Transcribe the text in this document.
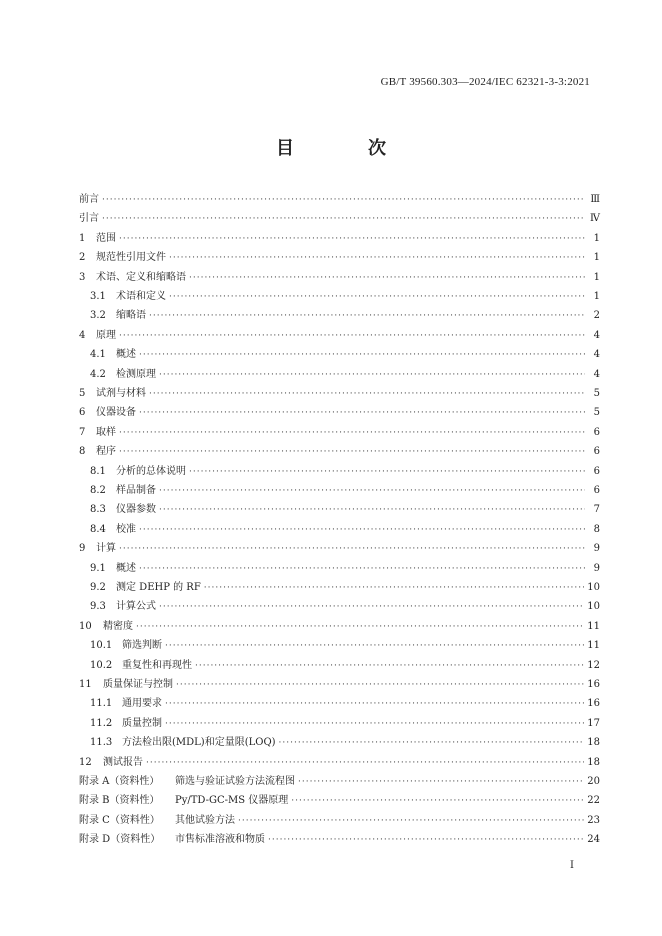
GB/T 39560.303—2024/IEC 62321-3-3:2021
目　次
前言 ·····	Ⅲ
引言 ·····	Ⅳ
1	范围 ·····	1
2	规范性引用文件 ·····	1
3	术语、定义和缩略语 ·····	1
3.1	术语和定义 ·····	1
3.2	缩略语 ·····	2
4	原理 ·····	4
4.1	概述 ·····	4
4.2	检测原理 ·····	4
5	试剂与材料 ·····	5
6	仪器设备 ·····	5
7	取样 ·····	6
8	程序 ·····	6
8.1	分析的总体说明 ·····	6
8.2	样品制备 ·····	6
8.3	仪器参数 ·····	7
8.4	校准 ·····	8
9	计算 ·····	9
9.1	概述 ·····	9
9.2	测定 DEHP 的 RF ·····	10
9.3	计算公式 ·····	10
10	精密度 ·····	11
10.1 筛选判断 ·····	11
10.2 重复性和再现性 ·····	12
11	质量保证与控制 ·····	16
11.1 通用要求 ·····	16
11.2 质量控制 ·····	17
11.3 方法检出限(MDL)和定量限(LOQ) ·····	18
12	测试报告 ·····	18
附录 A（资料性）	筛选与验证试验方法流程图 ·····	20
附录 B（资料性）	Py/TD-GC-MS 仪器原理 ·····	22
附录 C（资料性）	其他试验方法 ·····	23
附录 D（资料性）	市售标准溶液和物质 ·····	24
I
